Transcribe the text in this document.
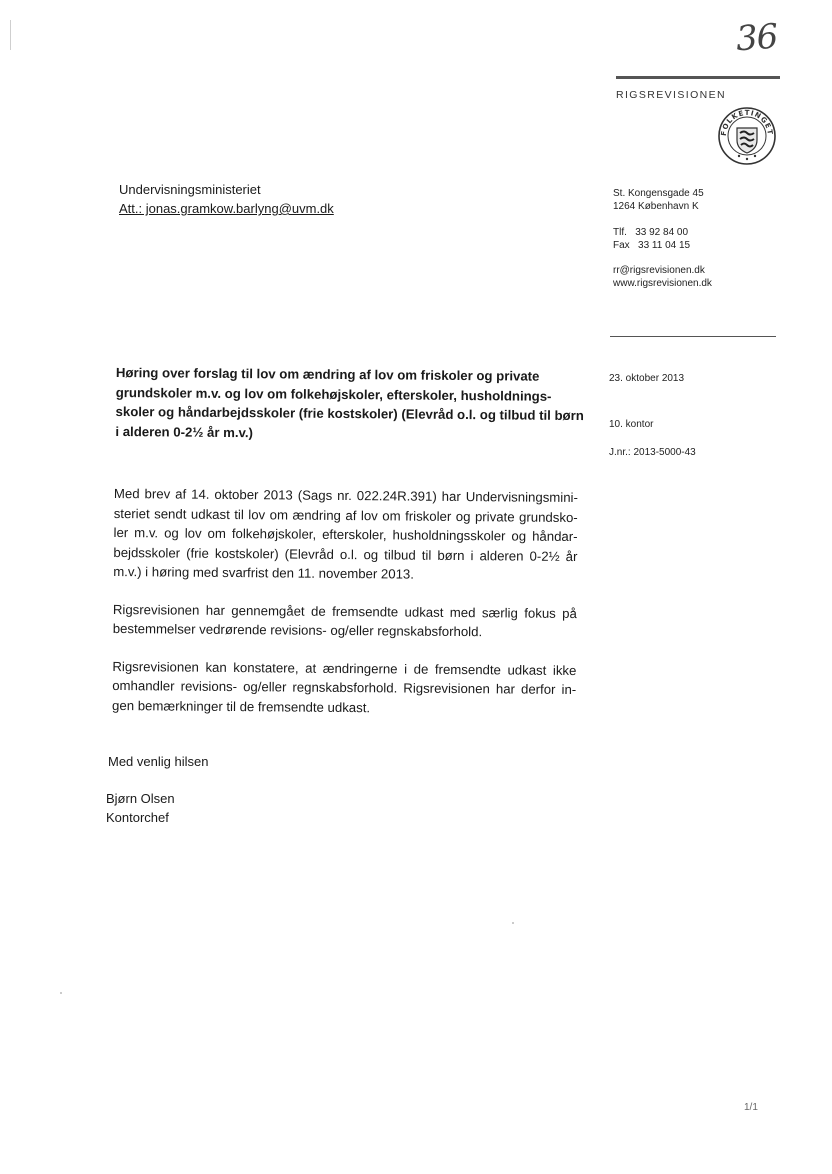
36
RIGSREVISIONEN
FOLKETINGET
Undervisningsministeriet
Att.: jonas.gramkow.barlyng@uvm.dk
St. Kongensgade 45
1264 København K
Tlf.   33 92 84 00
Fax   33 11 04 15
rr@rigsrevisionen.dk
www.rigsrevisionen.dk
Høring over forslag til lov om ændring af lov om friskoler og private grundskoler m.v. og lov om folkehøjskoler, efterskoler, husholdnings-skoler og håndarbejdsskoler (frie kostskoler) (Elevråd o.l. og tilbud til børn i alderen 0-2½ år m.v.)
23. oktober 2013
10. kontor
J.nr.: 2013-5000-43

Med brev af 14. oktober 2013 (Sags nr. 022.24R.391) har Undervisningsmini-steriet sendt udkast til lov om ændring af lov om friskoler og private grundsko-ler m.v. og lov om folkehøjskoler, efterskoler, husholdningsskoler og håndar-bejdsskoler (frie kostskoler) (Elevråd o.l. og tilbud til børn i alderen 0-2½ år m.v.) i høring med svarfrist den 11. november 2013.

Rigsrevisionen har gennemgået de fremsendte udkast med særlig fokus på bestemmelser vedrørende revisions- og/eller regnskabsforhold.

Rigsrevisionen kan konstatere, at ændringerne i de fremsendte udkast ikke omhandler revisions- og/eller regnskabsforhold. Rigsrevisionen har derfor in-gen bemærkninger til de fremsendte udkast.

Med venlig hilsen
Bjørn Olsen
Kontorchef
1/1
